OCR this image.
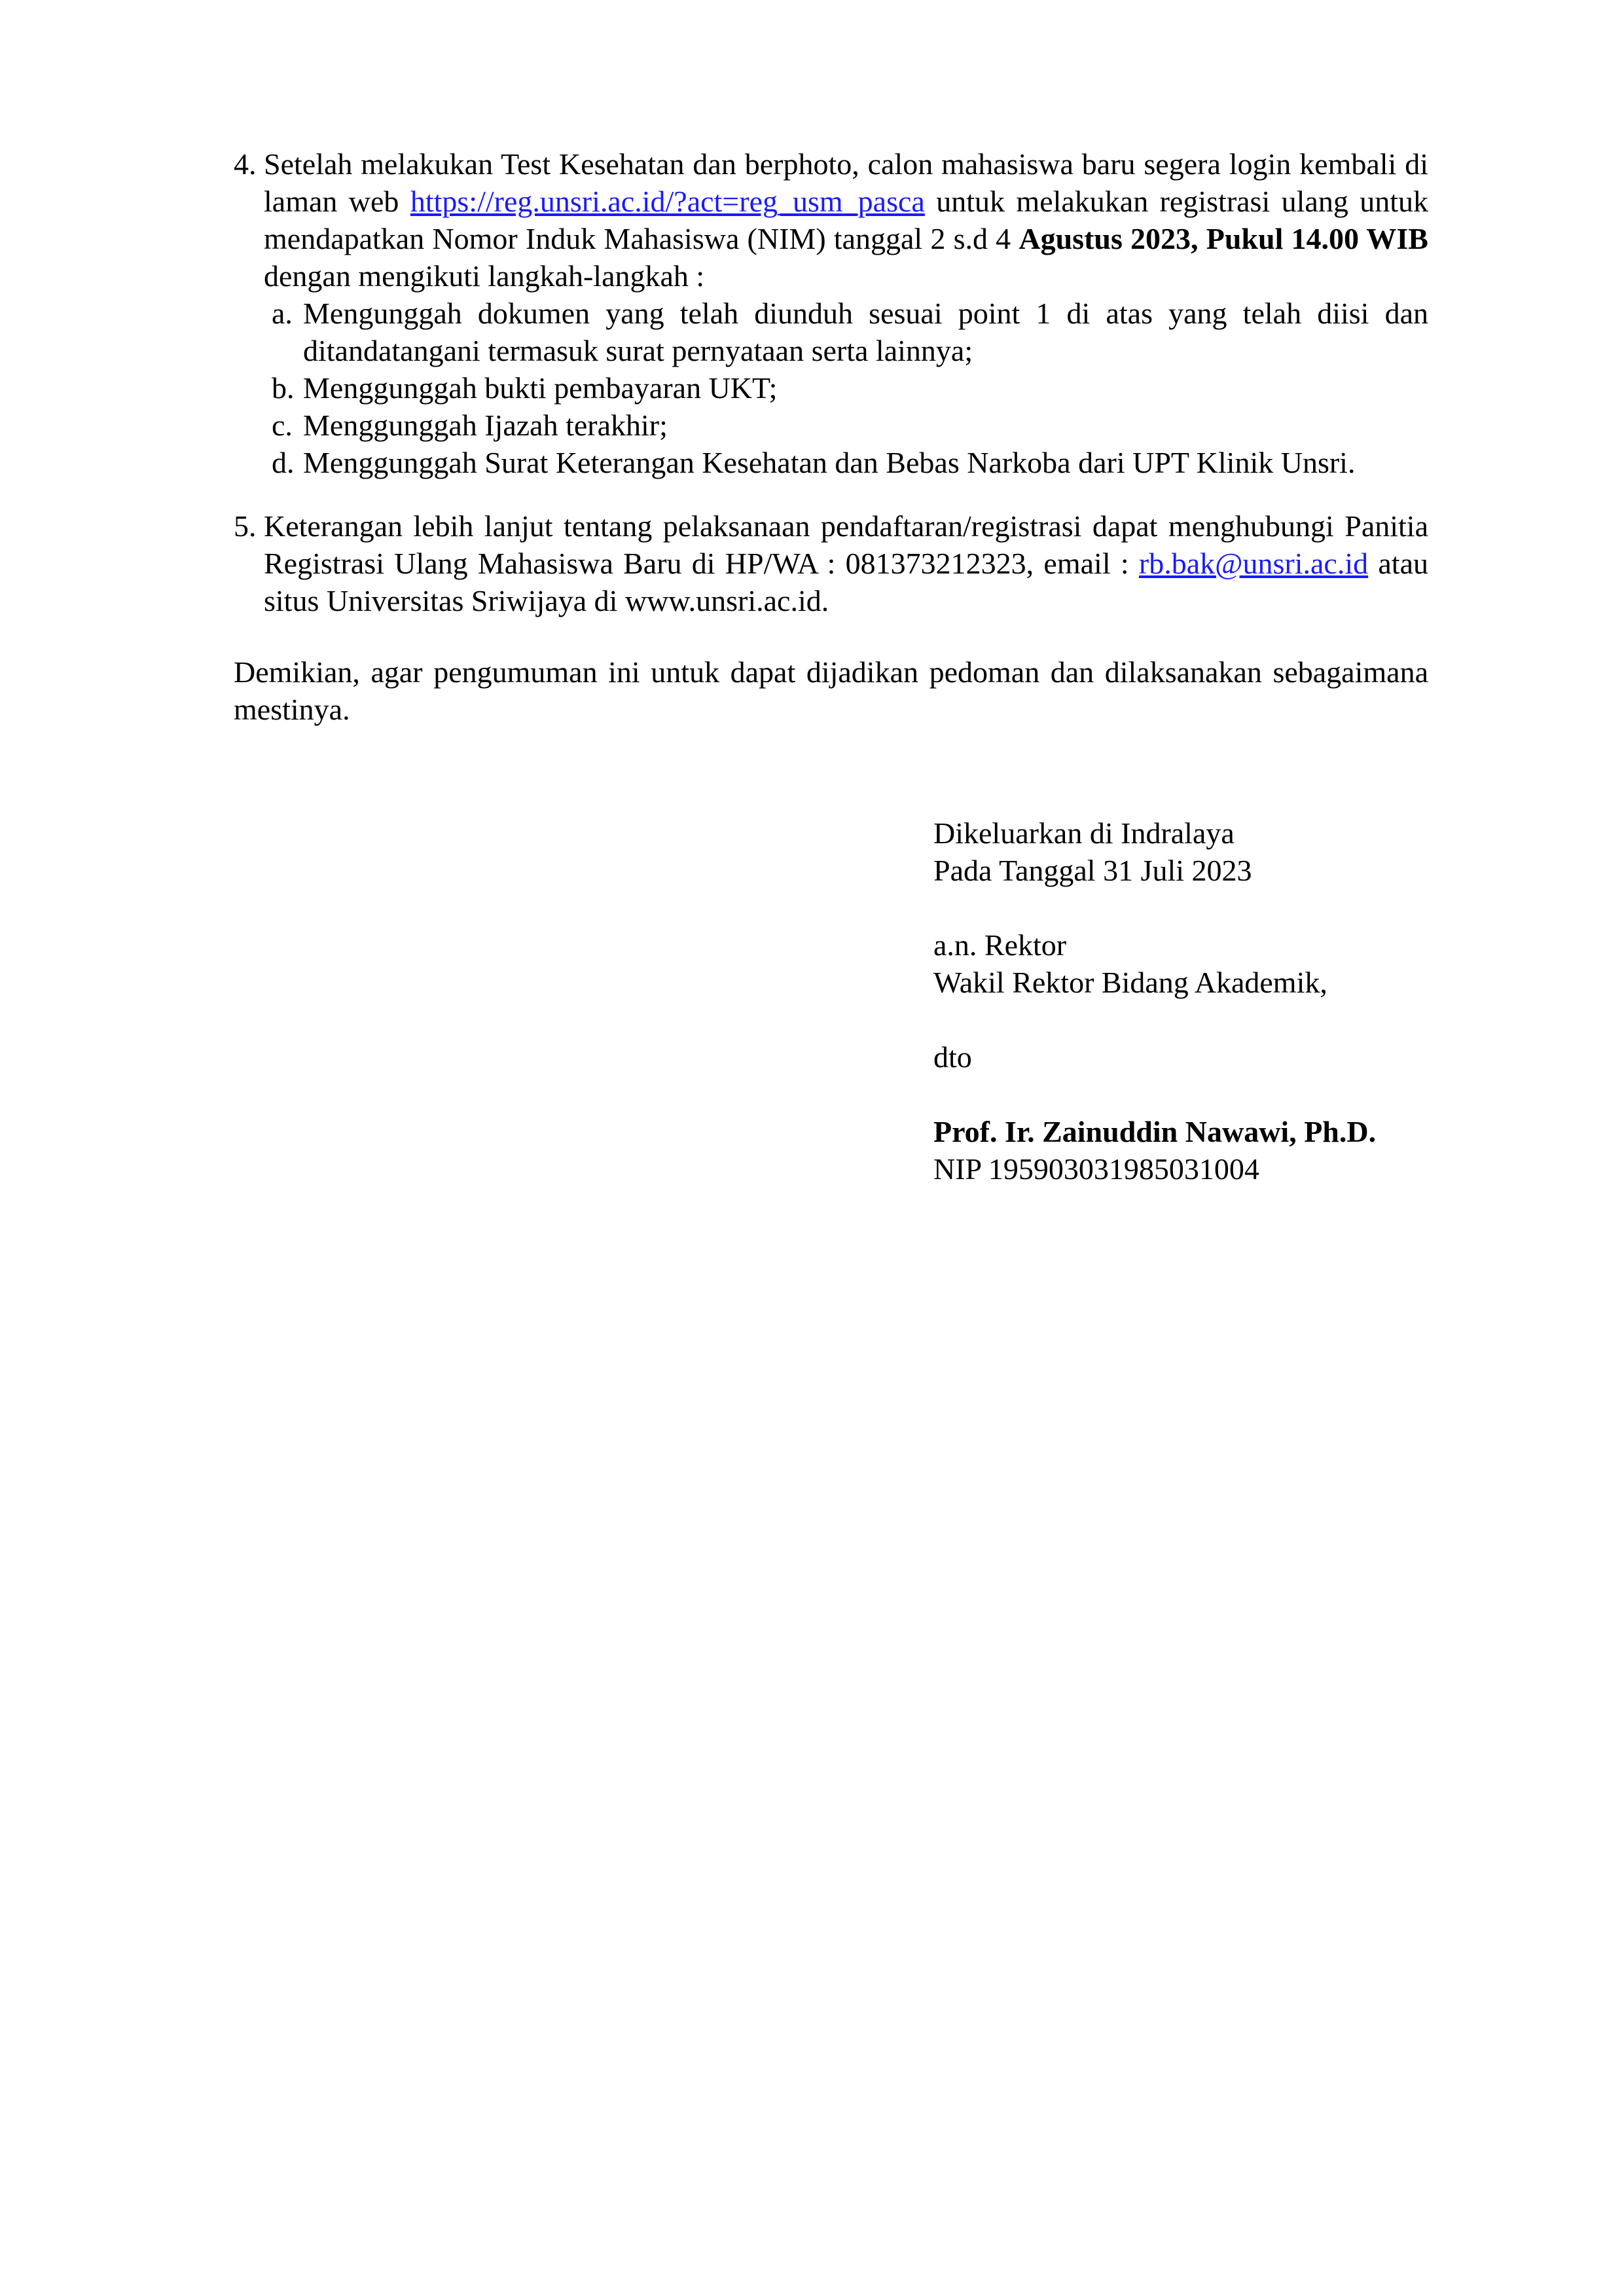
4. Setelah melakukan Test Kesehatan dan berphoto, calon mahasiswa baru segera login kembali di laman web https://reg.unsri.ac.id/?act=reg_usm_pasca untuk melakukan registrasi ulang untuk mendapatkan Nomor Induk Mahasiswa (NIM) tanggal 2 s.d 4 Agustus 2023, Pukul 14.00 WIB dengan mengikuti langkah-langkah :
a. Mengunggah dokumen yang telah diunduh sesuai point 1 di atas yang telah diisi dan ditandatangani termasuk surat pernyataan serta lainnya;
b. Menggunggah bukti pembayaran UKT;
c. Menggunggah Ijazah terakhir;
d. Menggunggah Surat Keterangan Kesehatan dan Bebas Narkoba dari UPT Klinik Unsri.
5. Keterangan lebih lanjut tentang pelaksanaan pendaftaran/registrasi dapat menghubungi Panitia Registrasi Ulang Mahasiswa Baru di HP/WA : 081373212323, email : rb.bak@unsri.ac.id atau situs Universitas Sriwijaya di www.unsri.ac.id.
Demikian, agar pengumuman ini untuk dapat dijadikan pedoman dan dilaksanakan sebagaimana mestinya.
Dikeluarkan di Indralaya
Pada Tanggal 31 Juli 2023
a.n. Rektor
Wakil Rektor Bidang Akademik,
dto
Prof. Ir. Zainuddin Nawawi, Ph.D.
NIP 195903031985031004
